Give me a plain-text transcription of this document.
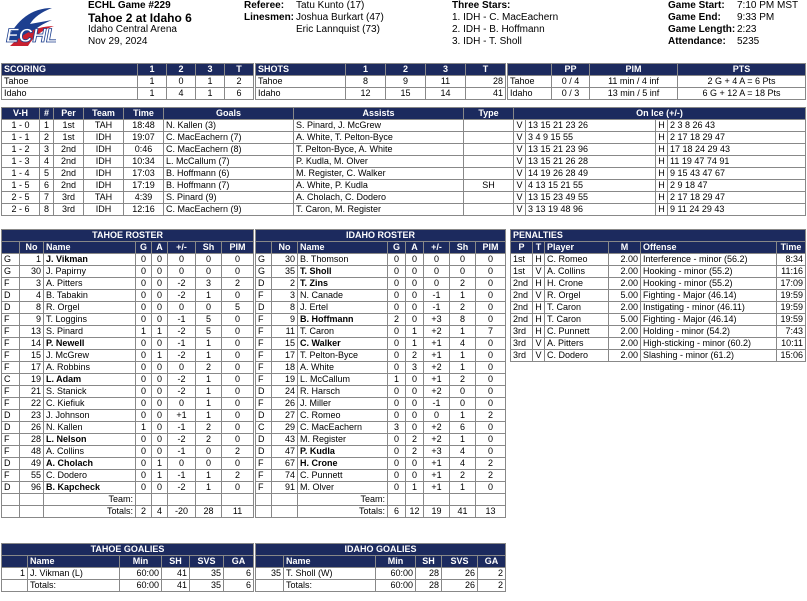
ECHL
ECHL Game #229
Tahoe 2 at Idaho 6
Idaho Central Arena
Nov 29, 2024
Referee:	Tatu Kunto (17)
Linesmen: Joshua Burkart (47)
Eric Lannquist (73)
Three Stars:
1. IDH - C. MacEachern
2. IDH - B. Hoffmann
3. IDH - T. Sholl
Game Start:	7:10 PM MST
Game End:	9:33 PM
Game Length: 2:23
Attendance:	5235
SCORING	1	2	3	T
Tahoe	1	0	1	2
Idaho	1	4	1	6
SHOTS	1	2	3	T
Tahoe	8	9	11	28
Idaho	12	15	14	41
	PP	PIM	PTS
Tahoe	0 / 4	11 min / 4 inf	2 G + 4 A = 6 Pts
Idaho	0 / 3	13 min / 5 inf	6 G + 12 A = 18 Pts
V-H	#	Per	Team	Time	Goals	Assists	Type	On Ice (+/-)			
1 - 0	1	1st	TAH	18:48	N. Kallen (3)	S. Pinard, J. McGrew		V	13 15 21 23 26	H	2 3 8 26 43
1 - 1	2	1st	IDH	19:07	C. MacEachern (7)	A. White, T. Pelton-Byce		V	3 4 9 15 55	H	2 17 18 29 47
1 - 2	3	2nd	IDH	0:46	C. MacEachern (8)	T. Pelton-Byce, A. White		V	13 15 21 23 96	H	17 18 24 29 43
1 - 3	4	2nd	IDH	10:34	L. McCallum (7)	P. Kudla, M. Olver		V	13 15 21 26 28	H	11 19 47 74 91
1 - 4	5	2nd	IDH	17:03	B. Hoffmann (6)	M. Register, C. Walker		V	14 19 26 28 49	H	9 15 43 47 67
1 - 5	6	2nd	IDH	17:19	B. Hoffmann (7)	A. White, P. Kudla	SH	V	4 13 15 21 55	H	2 9 18 47
2 - 5	7	3rd	TAH	4:39	S. Pinard (9)	A. Cholach, C. Dodero		V	13 15 23 49 55	H	2 17 18 29 47
2 - 6	8	3rd	IDH	12:16	C. MacEachern (9)	T. Caron, M. Register		V	3 13 19 48 96	H	9 11 24 29 43
TAHOE ROSTER							
	No	Name	G	A	+/-	Sh	PIM
G	1	J. Vikman	0	0	0	0	0
G	30	J. Papirny	0	0	0	0	0
F	3	A. Pitters	0	0	-2	3	2
D	4	B. Tabakin	0	0	-2	1	0
D	8	R. Orgel	0	0	0	0	5
F	9	T. Loggins	0	0	-1	5	0
F	13	S. Pinard	1	1	-2	5	0
F	14	P. Newell	0	0	-1	1	0
F	15	J. McGrew	0	1	-2	1	0
F	17	A. Robbins	0	0	0	2	0
C	19	L. Adam	0	0	-2	1	0
F	21	S. Stanick	0	0	-2	1	0
F	22	C. Kiefiuk	0	0	0	1	0
D	23	J. Johnson	0	0	+1	1	0
D	26	N. Kallen	1	0	-1	2	0
F	28	L. Nelson	0	0	-2	2	0
F	48	A. Collins	0	0	-1	0	2
D	49	A. Cholach	0	1	0	0	0
F	55	C. Dodero	0	1	-1	1	2
D	96	B. Kapcheck	0	0	-2	1	0
		Team:					
		Totals:	2	4	-20	28	11
IDAHO ROSTER							
	No	Name	G	A	+/-	Sh	PIM
G	30	B. Thomson	0	0	0	0	0
G	35	T. Sholl	0	0	0	0	0
D	2	T. Zins	0	0	0	2	0
F	3	N. Canade	0	0	-1	1	0
D	8	J. Ertel	0	0	-1	2	0
F	9	B. Hoffmann	2	0	+3	8	0
F	11	T. Caron	0	1	+2	1	7
F	15	C. Walker	0	1	+1	4	0
F	17	T. Pelton-Byce	0	2	+1	1	0
F	18	A. White	0	3	+2	1	0
F	19	L. McCallum	1	0	+1	2	0
D	24	R. Harsch	0	0	+2	0	0
F	26	J. Miller	0	0	-1	0	0
D	27	C. Romeo	0	0	0	1	2
C	29	C. MacEachern	3	0	+2	6	0
D	43	M. Register	0	2	+2	1	0
D	47	P. Kudla	0	2	+3	4	0
F	67	H. Crone	0	0	+1	4	2
F	74	C. Punnett	0	0	+1	2	2
F	91	M. Olver	0	1	+1	1	0
		Team:					
		Totals:	6	12	19	41	13
PENALTIES					
P	T	Player	M	Offense	Time
1st	H	C. Romeo	2.00	Interference - minor (56.2)	8:34
1st	V	A. Collins	2.00	Hooking - minor (55.2)	11:16
2nd	H	H. Crone	2.00	Hooking - minor (55.2)	17:09
2nd	V	R. Orgel	5.00	Fighting - Major (46.14)	19:59
2nd	H	T. Caron	2.00	Instigating - minor (46.11)	19:59
2nd	H	T. Caron	5.00	Fighting - Major (46.14)	19:59
3rd	H	C. Punnett	2.00	Holding - minor (54.2)	7:43
3rd	V	A. Pitters	2.00	High-sticking - minor (60.2)	10:11
3rd	V	C. Dodero	2.00	Slashing - minor (61.2)	15:06
TAHOE GOALIES					
	Name	Min	SH	SVS	GA
1	J. Vikman (L)	60:00	41	35	6
	Totals:	60:00	41	35	6
IDAHO GOALIES					
	Name	Min	SH	SVS	GA
35	T. Sholl (W)	60:00	28	26	2
	Totals:	60:00	28	26	2
